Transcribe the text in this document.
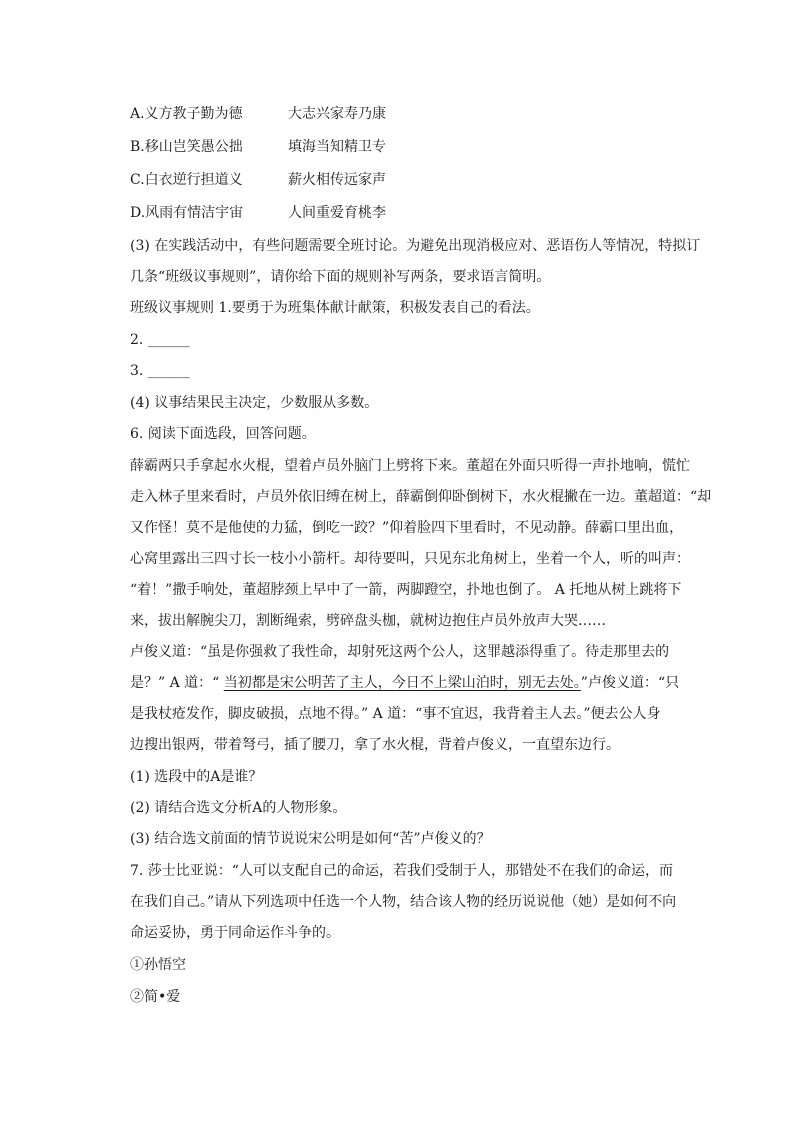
A.义方教子勤为德	大志兴家寿乃康
B.移山岂笑愚公拙	填海当知精卫专
C.白衣逆行担道义	薪火相传远家声
D.风雨有情洁宇宙	人间重爱育桃李
(3) 在实践活动中，有些问题需要全班讨论。为避免出现消极应对、恶语伤人等情况，特拟订
几条“班级议事规则”，请你给下面的规则补写两条，要求语言简明。
班级议事规则 1.要勇于为班集体献计献策，积极发表自己的看法。
2. ______
3. ______
(4) 议事结果民主决定，少数服从多数。
6. 阅读下面选段，回答问题。
薛霸两只手拿起水火棍，望着卢员外脑门上劈将下来。董超在外面只听得一声扑地响，慌忙
走入林子里来看时，卢员外依旧缚在树上，薛霸倒仰卧倒树下，水火棍撇在一边。董超道：“却
又作怪！莫不是他使的力猛，倒吃一跤？”仰着脸四下里看时，不见动静。薛霸口里出血，
心窝里露出三四寸长一枝小小箭杆。却待要叫，只见东北角树上，坐着一个人，听的叫声：
“着！”撒手响处，董超脖颈上早中了一箭，两脚蹬空，扑地也倒了。 A 托地从树上跳将下
来，拔出解腕尖刀，割断绳索，劈碎盘头枷，就树边抱住卢员外放声大哭……
卢俊义道：“虽是你强救了我性命，却射死这两个公人，这罪越添得重了。待走那里去的
是？” A 道：“ 当初都是宋公明苦了主人，今日不上梁山泊时，别无去处。”卢俊义道：“只
是我杖疮发作，脚皮破损，点地不得。” A 道：“事不宜迟，我背着主人去。”便去公人身
边搜出银两，带着弩弓，插了腰刀，拿了水火棍，背着卢俊义，一直望东边行。
(1) 选段中的A是谁？
(2) 请结合选文分析A的人物形象。
(3) 结合选文前面的情节说说宋公明是如何“苦”卢俊义的？
7. 莎士比亚说：“人可以支配自己的命运，若我们受制于人，那错处不在我们的命运，而
在我们自己。”请从下列选项中任选一个人物，结合该人物的经历说说他（她）是如何不向
命运妥协，勇于同命运作斗争的。
①孙悟空
②简•爱
